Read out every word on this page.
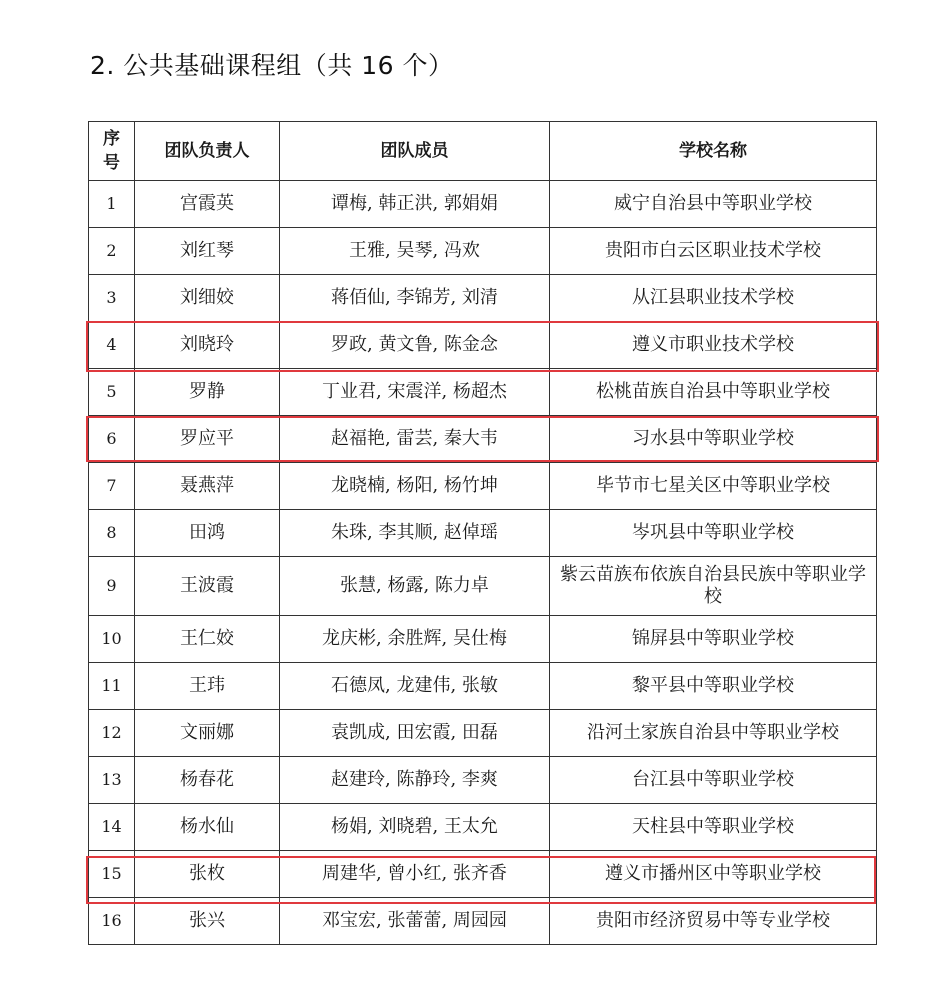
2. 公共基础课程组（共 16 个）
序
号	团队负责人	团队成员	学校名称
1	宫霞英	谭梅, 韩正洪, 郭娟娟	威宁自治县中等职业学校
2	刘红琴	王雅, 吴琴, 冯欢	贵阳市白云区职业技术学校
3	刘细姣	蒋佰仙, 李锦芳, 刘清	从江县职业技术学校
4	刘晓玲	罗政, 黄文鲁, 陈金念	遵义市职业技术学校
5	罗静	丁业君, 宋震洋, 杨超杰	松桃苗族自治县中等职业学校
6	罗应平	赵福艳, 雷芸, 秦大韦	习水县中等职业学校
7	聂燕萍	龙晓楠, 杨阳, 杨竹坤	毕节市七星关区中等职业学校
8	田鸿	朱珠, 李其顺, 赵倬瑶	岑巩县中等职业学校
9	王波霞	张慧, 杨露, 陈力卓	紫云苗族布依族自治县民族中等职业学校
10	王仁姣	龙庆彬, 余胜辉, 吴仕梅	锦屏县中等职业学校
11	王玮	石德凤, 龙建伟, 张敏	黎平县中等职业学校
12	文丽娜	袁凯成, 田宏霞, 田磊	沿河土家族自治县中等职业学校
13	杨春花	赵建玲, 陈静玲, 李爽	台江县中等职业学校
14	杨水仙	杨娟, 刘晓碧, 王太允	天柱县中等职业学校
15	张枚	周建华, 曾小红, 张齐香	遵义市播州区中等职业学校
16	张兴	邓宝宏, 张蕾蕾, 周园园	贵阳市经济贸易中等专业学校
